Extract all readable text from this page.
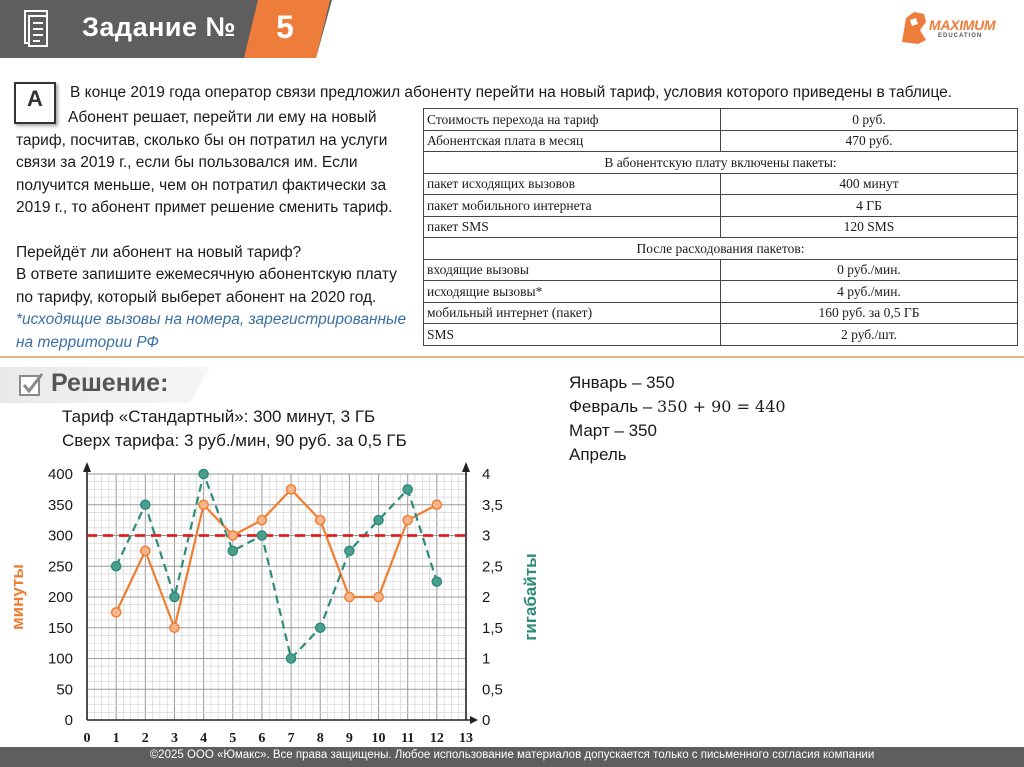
Задание №	5	MAXIMUM
EDUCATION
А	В конце 2019 года оператор связи предложил абоненту перейти на новый тариф, условия которого приведены в таблице.
Абонент решает, перейти ли ему на новый
тариф, посчитав, сколько бы он потратил на услуги
связи за 2019 г., если бы пользовался им. Если
получится меньше, чем он потратил фактически за
2019 г., то абонент примет решение сменить тариф.
Перейдёт ли абонент на новый тариф?
В ответе запишите ежемесячную абонентскую плату
по тарифу, который выберет абонент на 2020 год.
*исходящие вызовы на номера, зарегистрированные
на территории РФ
Стоимость перехода на тариф	0 руб.
Абонентская плата в месяц	470 руб.
В абонентскую плату включены пакеты:	
пакет исходящих вызовов	400 минут
пакет мобильного интернета	4 ГБ
пакет SMS	120 SMS
После расходования пакетов:	
входящие вызовы	0 руб./мин.
исходящие вызовы*	4 руб./мин.
мобильный интернет (пакет)	160 руб. за 0,5 ГБ
SMS	2 руб./шт.
Решение:
Тариф «Стандартный»: 300 минут, 3 ГБ
Сверх тарифа: 3 руб./мин, 90 руб. за 0,5 ГБ
Январь – 350
Февраль – 350 + 90 = 440
Март – 350
Апрель
0 1 2 3 4 5 6 7 8 9 10 11 12 13
0
50
100
150
200
250
300
350
400
0
0,5
1
1,5
2
2,5
3
3,5
4
минуты	гигабайты
©2025 ООО «Юмакс». Все права защищены. Любое использование материалов допускается только с письменного согласия компании
